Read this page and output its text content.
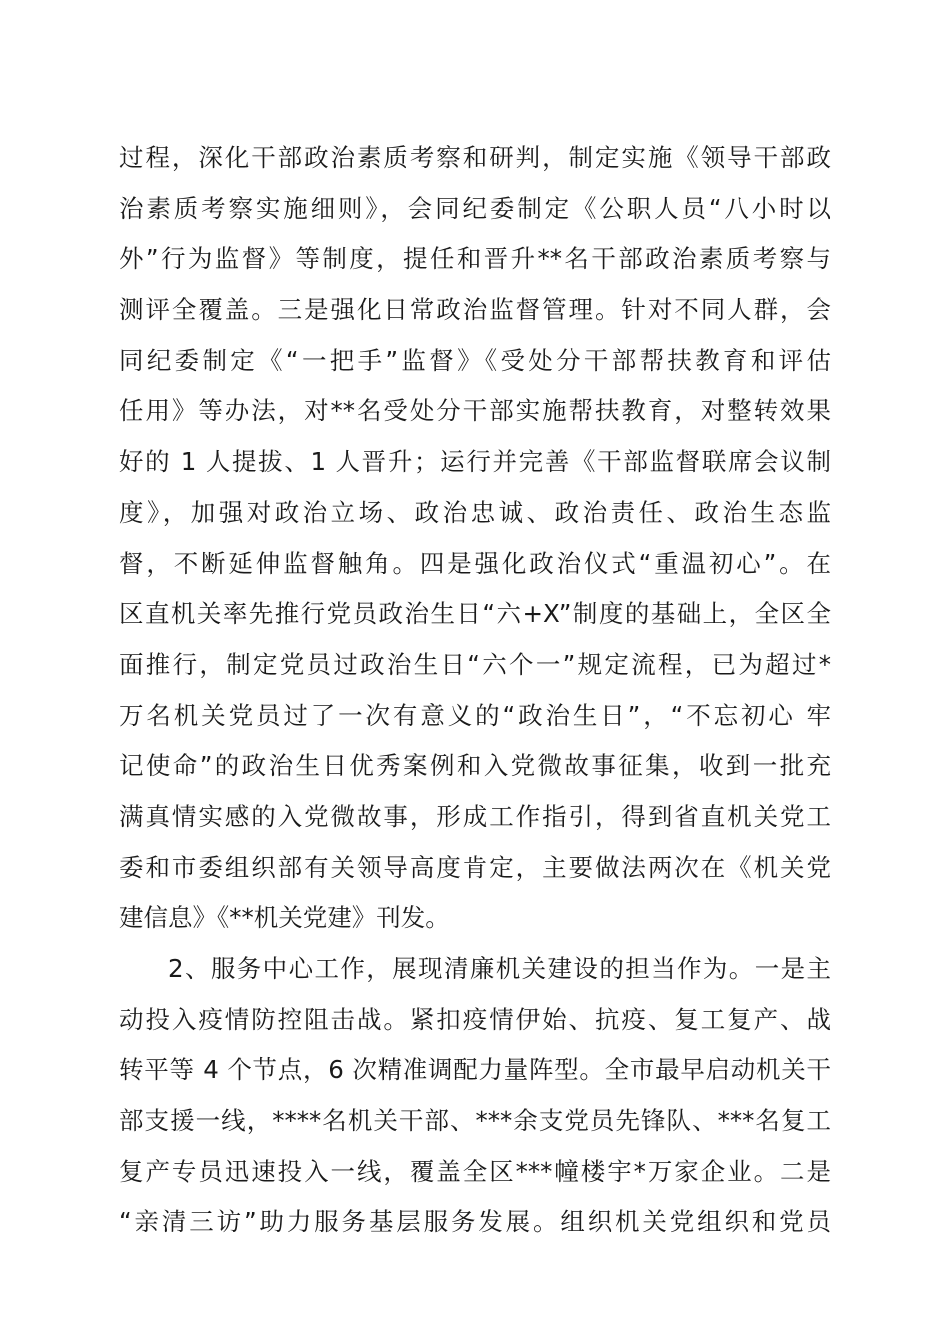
过程，深化干部政治素质考察和研判，制定实施《领导干部政
治素质考察实施细则》，会同纪委制定《公职人员“八小时以
外”行为监督》等制度，提任和晋升**名干部政治素质考察与
测评全覆盖。三是强化日常政治监督管理。针对不同人群，会
同纪委制定《“一把手”监督》《受处分干部帮扶教育和评估
任用》等办法，对**名受处分干部实施帮扶教育，对整转效果
好的 1 人提拔、1 人晋升；运行并完善《干部监督联席会议制
度》，加强对政治立场、政治忠诚、政治责任、政治生态监
督，不断延伸监督触角。四是强化政治仪式“重温初心”。在
区直机关率先推行党员政治生日“六+X”制度的基础上，全区全
面推行，制定党员过政治生日“六个一”规定流程，已为超过*
万名机关党员过了一次有意义的“政治生日”，“不忘初心 牢
记使命”的政治生日优秀案例和入党微故事征集，收到一批充
满真情实感的入党微故事，形成工作指引，得到省直机关党工
委和市委组织部有关领导高度肯定，主要做法两次在《机关党
建信息》《**机关党建》刊发。
2、服务中心工作，展现清廉机关建设的担当作为。一是主
动投入疫情防控阻击战。紧扣疫情伊始、抗疫、复工复产、战
转平等 4 个节点，6 次精准调配力量阵型。全市最早启动机关干
部支援一线，****名机关干部、***余支党员先锋队、***名复工
复产专员迅速投入一线，覆盖全区***幢楼宇*万家企业。二是
“亲清三访”助力服务基层服务发展。组织机关党组织和党员
